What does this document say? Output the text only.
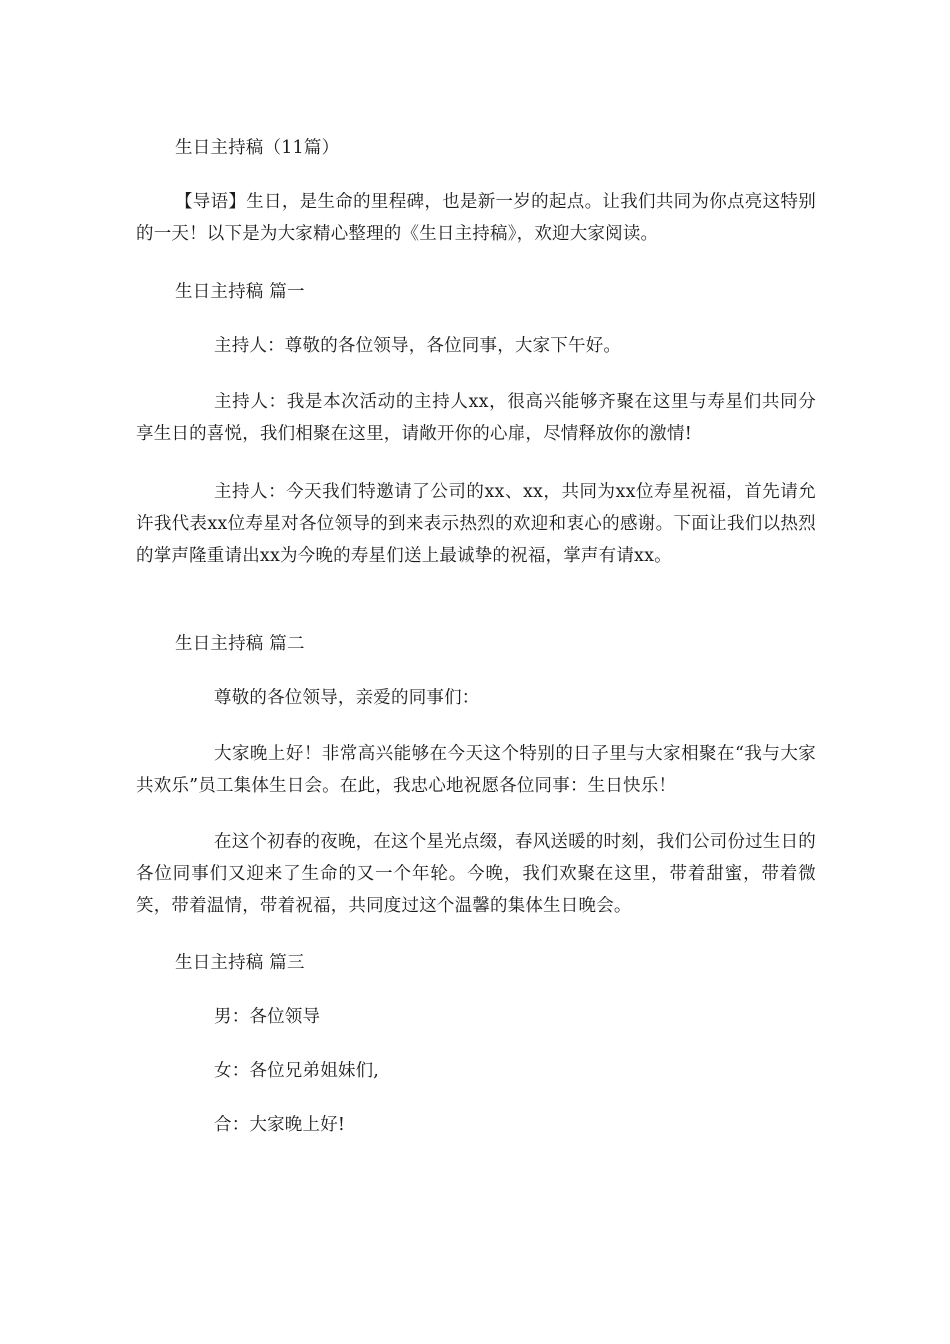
生日主持稿（11篇）
【导语】生日，是生命的里程碑，也是新一岁的起点。让我们共同为你点亮这特别的一天！以下是为大家精心整理的《生日主持稿》，欢迎大家阅读。
生日主持稿 篇一
主持人：尊敬的各位领导，各位同事，大家下午好。
主持人：我是本次活动的主持人xx，很高兴能够齐聚在这里与寿星们共同分享生日的喜悦，我们相聚在这里，请敞开你的心扉，尽情释放你的激情!
主持人：今天我们特邀请了公司的xx、xx，共同为xx位寿星祝福，首先请允许我代表xx位寿星对各位领导的到来表示热烈的欢迎和衷心的感谢。下面让我们以热烈的掌声隆重请出xx为今晚的寿星们送上最诚挚的祝福，掌声有请xx。
生日主持稿 篇二
尊敬的各位领导，亲爱的同事们：
大家晚上好！非常高兴能够在今天这个特别的日子里与大家相聚在“我与大家共欢乐”员工集体生日会。在此，我忠心地祝愿各位同事：生日快乐！
在这个初春的夜晚，在这个星光点缀，春风送暖的时刻，我们公司份过生日的各位同事们又迎来了生命的又一个年轮。今晚，我们欢聚在这里，带着甜蜜，带着微笑，带着温情，带着祝福，共同度过这个温馨的集体生日晚会。
生日主持稿 篇三
男：各位领导
女：各位兄弟姐妹们,
合：大家晚上好!
